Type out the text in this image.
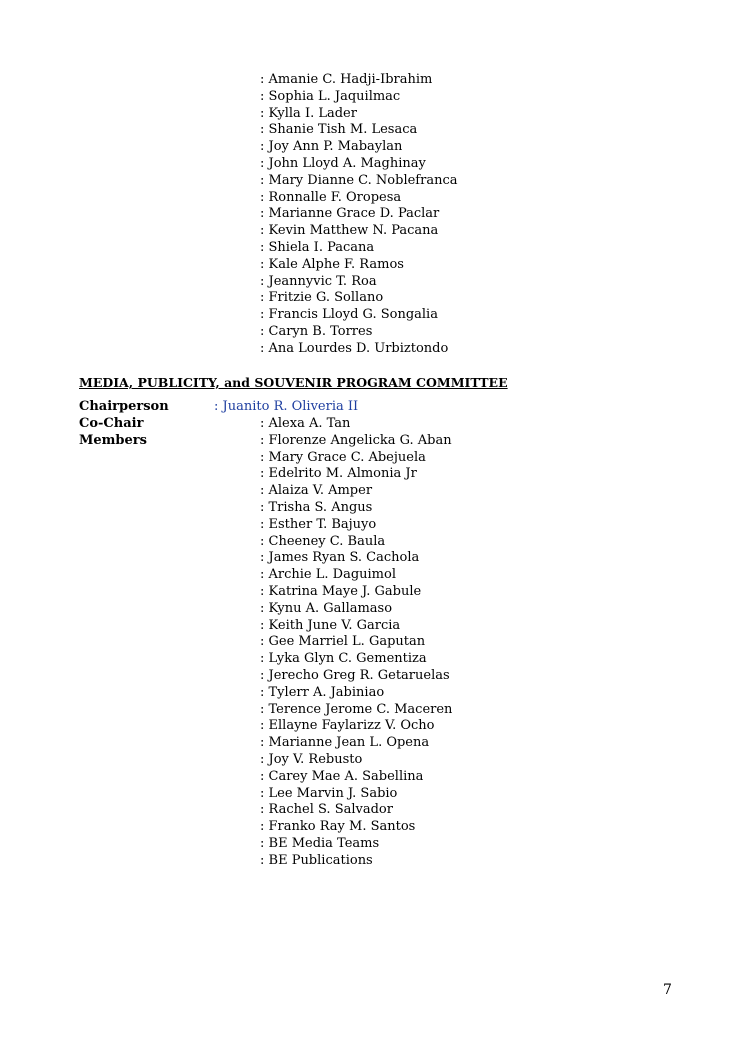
: Amanie C. Hadji-Ibrahim
: Sophia L. Jaquilmac
: Kylla I. Lader
: Shanie Tish M. Lesaca
: Joy Ann P. Mabaylan
: John Lloyd A. Maghinay
: Mary Dianne C. Noblefranca
: Ronnalle F. Oropesa
: Marianne Grace D. Paclar
: Kevin Matthew N. Pacana
: Shiela I. Pacana
: Kale Alphe F. Ramos
: Jeannyvic T. Roa
: Fritzie G. Sollano
: Francis Lloyd G. Songalia
: Caryn B. Torres
: Ana Lourdes D. Urbiztondo
MEDIA, PUBLICITY, and SOUVENIR PROGRAM COMMITTEE
Chairperson
:	Juanito R. Oliveria II
Co-Chair
Members
: Alexa A. Tan
: Florenze Angelicka G. Aban
: Mary Grace C. Abejuela
: Edelrito M. Almonia Jr
: Alaiza V. Amper
: Trisha S. Angus
: Esther T. Bajuyo
: Cheeney C. Baula
: James Ryan S. Cachola
: Archie L. Daguimol
: Katrina Maye J. Gabule
: Kynu A. Gallamaso
: Keith June V. Garcia
: Gee Marriel L. Gaputan
: Lyka Glyn C. Gementiza
: Jerecho Greg R. Getaruelas
: Tylerr A. Jabiniao
: Terence Jerome C. Maceren
: Ellayne Faylarizz V. Ocho
: Marianne Jean L. Opena
: Joy V. Rebusto
: Carey Mae A. Sabellina
: Lee Marvin J. Sabio
: Rachel S. Salvador
: Franko Ray M. Santos
: BE Media Teams
: BE Publications
7
